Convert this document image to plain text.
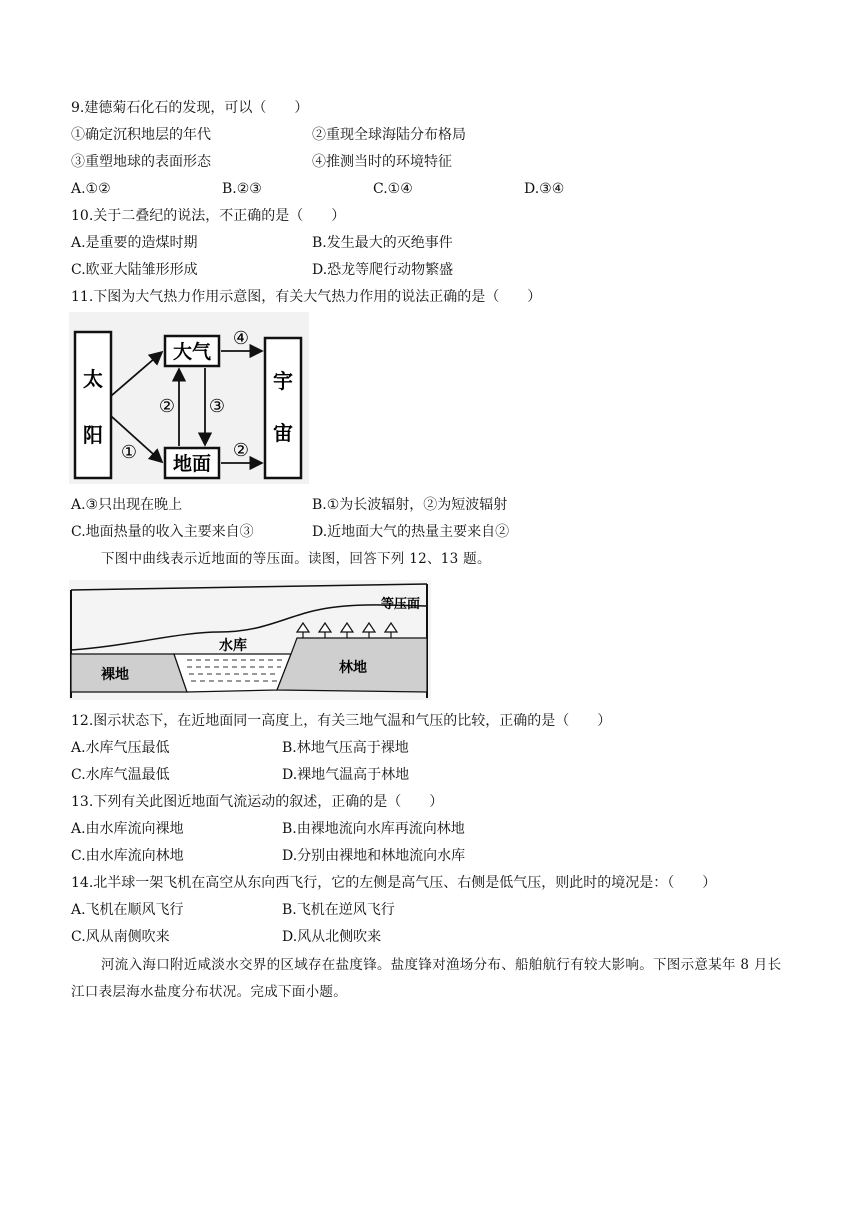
9.建德菊石化石的发现，可以（　　）
①确定沉积地层的年代	②重现全球海陆分布格局
③重塑地球的表面形态	④推测当时的环境特征
A.①②	B.②③	C.①④	D.③④
10.关于二叠纪的说法，不正确的是（　　）
A.是重要的造煤时期	B.发生最大的灭绝事件
C.欧亚大陆雏形形成	D.恐龙等爬行动物繁盛
11.下图为大气热力作用示意图，有关大气热力作用的说法正确的是（　　）
太
阳
大气
地面
宇
宙
①
② ③
④
②
A.③只出现在晚上	B.①为长波辐射，②为短波辐射
C.地面热量的收入主要来自③	D.近地面大气的热量主要来自②
下图中曲线表示近地面的等压面。读图，回答下列 12、13 题。
等压面
裸地
水库
林地
12.图示状态下，在近地面同一高度上，有关三地气温和气压的比较，正确的是（　　）
A.水库气压最低	B.林地气压高于裸地
C.水库气温最低	D.裸地气温高于林地
13.下列有关此图近地面气流运动的叙述，正确的是（　　）
A.由水库流向裸地	B.由裸地流向水库再流向林地
C.由水库流向林地	D.分别由裸地和林地流向水库
14.北半球一架飞机在高空从东向西飞行，它的左侧是高气压、右侧是低气压，则此时的境况是：（　　）
A.飞机在顺风飞行	B.飞机在逆风飞行
C.风从南侧吹来	D.风从北侧吹来
河流入海口附近咸淡水交界的区域存在盐度锋。盐度锋对渔场分布、船舶航行有较大影响。下图示意某年 8 月长江口表层海水盐度分布状况。完成下面小题。
